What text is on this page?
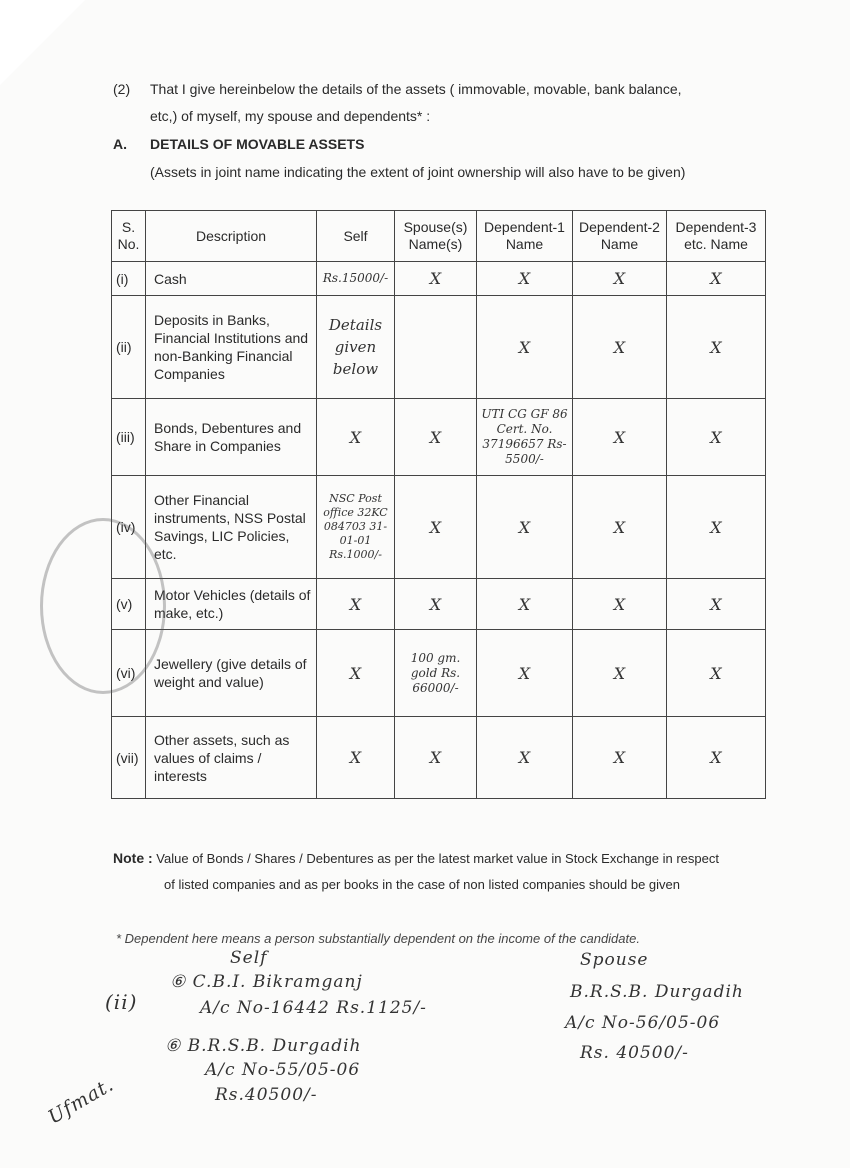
(2) That I give hereinbelow the details of the assets ( immovable, movable, bank balance,
etc,) of myself, my spouse and dependents* :
A. DETAILS OF MOVABLE ASSETS
(Assets in joint name indicating the extent of joint ownership will also have to be given)
S. No.	Description	Self	Spouse(s) Name(s)	Dependent-1 Name	Dependent-2 Name	Dependent-3 etc. Name
(i)	Cash	Rs.15000/-	X	X	X	X
(ii)	Deposits in Banks, Financial Institutions and non-Banking Financial Companies	Details given below		X	X	X
(iii)	Bonds, Debentures and Share in Companies	X	X	UTI CG GF 86 Cert. No. 37196657 Rs-5500/-	X	X
(iv)	Other Financial instruments, NSS Postal Savings, LIC Policies, etc.	NSC Post office 32KC 084703 31-01-01 Rs.1000/-	X	X	X	X
(v)	Motor Vehicles (details of make, etc.)	X	X	X	X	X
(vi)	Jewellery (give details of weight and value)	X	100 gm. gold Rs. 66000/-	X	X	X
(vii)	Other assets, such as values of claims / interests	X	X	X	X	X
Note : Value of Bonds / Shares / Debentures as per the latest market value in Stock Exchange in respect
of listed companies and as per books in the case of non listed companies should be given
* Dependent here means a person substantially dependent on the income of the candidate.
Self
(ii)
⑥ C.B.I. Bikramganj
A/c No-16442 Rs.1125/-
⑥ B.R.S.B. Durgadih
A/c No-55/05-06
Rs.40500/-
Spouse
B.R.S.B. Durgadih
A/c No-56/05-06
Rs. 40500/-
Ufmat.
